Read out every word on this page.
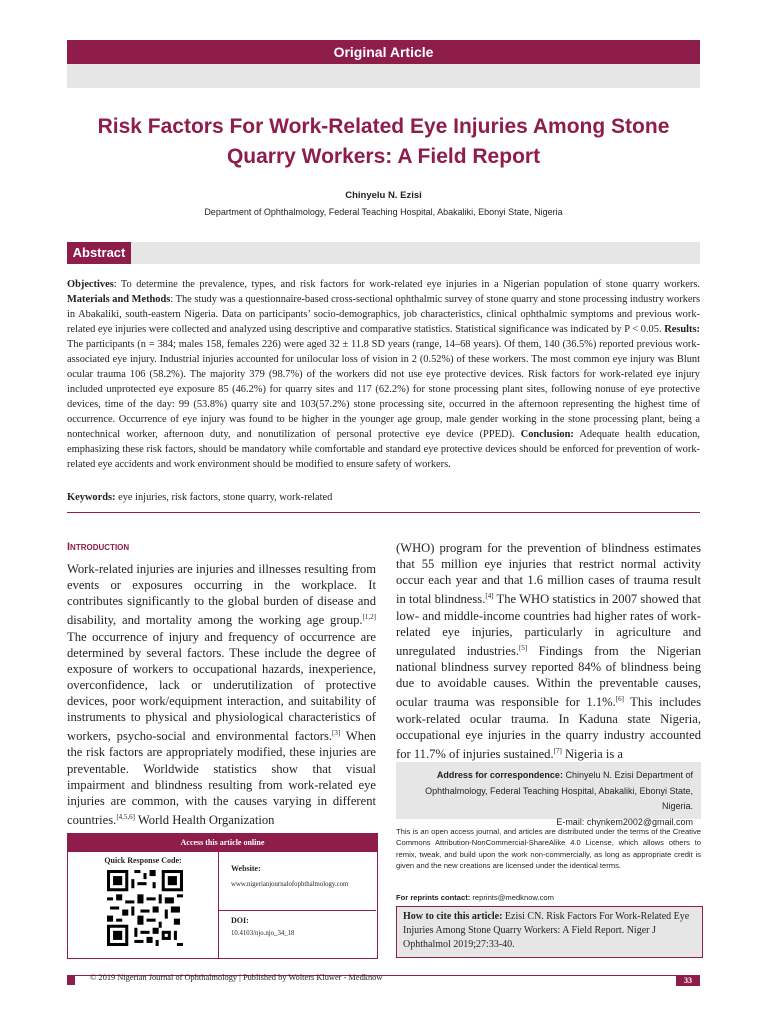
Original Article
Risk Factors For Work-Related Eye Injuries Among Stone
Quarry Workers: A Field Report
Chinyelu N. Ezisi
Department of Ophthalmology, Federal Teaching Hospital, Abakaliki, Ebonyi State, Nigeria
Abstract

Objectives: To determine the prevalence, types, and risk factors for work-related eye injuries in a Nigerian population of stone quarry workers. Materials and Methods: The study was a questionnaire-based cross-sectional ophthalmic survey of stone quarry and stone processing industry workers in Abakaliki, south-eastern Nigeria. Data on participants’ socio-demographics, job characteristics, clinical ophthalmic symptoms and previous work-related eye injuries were collected and analyzed using descriptive and comparative statistics. Statistical significance was indicated by P < 0.05. Results: The participants (n = 384; males 158, females 226) were aged 32 ± 11.8 SD years (range, 14–68 years). Of them, 140 (36.5%) reported previous work-associated eye injury. Industrial injuries accounted for unilocular loss of vision in 2 (0.52%) of these workers. The most common eye injury was Blunt ocular trauma 106 (58.2%). The majority 379 (98.7%) of the workers did not use eye protective devices. Risk factors for work-related eye injury included unprotected eye exposure 85 (46.2%) for quarry sites and 117 (62.2%) for stone processing plant sites, following nonuse of eye protective devices, time of the day: 99 (53.8%) quarry site and 103(57.2%) stone processing site, occurred in the afternoon representing the highest time of occurrence. Occurrence of eye injury was found to be higher in the younger age group, male gender working in the stone processing plant, being a nontechnical worker, afternoon duty, and nonutilization of personal protective eye device (PPED). Conclusion: Adequate health education, emphasizing these risk factors, should be mandatory while comfortable and standard eye protective devices should be enforced for prevention of work-related eye accidents and work environment should be modified to ensure safety of workers.

Keywords: eye injuries, risk factors, stone quarry, work-related

Introduction

Work-related injuries are injuries and illnesses resulting from events or exposures occurring in the workplace. It contributes significantly to the global burden of disease and disability, and mortality among the working age group.[1,2] The occurrence of injury and frequency of occurrence are determined by several factors. These include the degree of exposure of workers to occupational hazards, inexperience, overconfidence, lack or underutilization of protective devices, poor work/equipment interaction, and suitability of instruments to physical and physiological characteristics of workers, psycho-social and environmental factors.[3] When the risk factors are appropriately modified, these injuries are preventable. Worldwide statistics show that visual impairment and blindness resulting from work-related eye injuries are common, with the causes varying in different countries.[4,5,6] World Health Organization

(WHO) program for the prevention of blindness estimates that 55 million eye injuries that restrict normal activity occur each year and that 1.6 million cases of trauma result in total blindness.[4] The WHO statistics in 2007 showed that low- and middle-income countries had higher rates of work-related eye injuries, particularly in agriculture and unregulated industries.[5] Findings from the Nigerian national blindness survey reported 84% of blindness being due to avoidable causes. Within the preventable causes, ocular trauma was responsible for 1.1%.[6] This includes work-related ocular trauma. In Kaduna state Nigeria, occupational eye injuries in the quarry industry accounted for 11.7% of injuries sustained.[7] Nigeria is a

Address for correspondence: Chinyelu N. Ezisi Department of
Ophthalmology, Federal Teaching Hospital, Abakaliki, Ebonyi State, Nigeria.
E-mail: chynkem2002@gmail.com

This is an open access journal, and articles are distributed under the terms of the Creative Commons Attribution-NonCommercial-ShareAlike 4.0 License, which allows others to remix, tweak, and build upon the work non-commercially, as long as appropriate credit is given and the new creations are licensed under the identical terms.

For reprints contact: reprints@medknow.com
How to cite this article: Ezisi CN. Risk Factors For Work-Related Eye Injuries Among Stone Quarry Workers: A Field Report. Niger J Ophthalmol 2019;27:33-40.
Access this article online
Quick Response Code:
Website:
www.nigerianjournalofophthalmology.com
DOI:
10.4103/njo.njo_34_18
© 2019 Nigerian Journal of Ophthalmology | Published by Wolters Kluwer - Medknow	33
